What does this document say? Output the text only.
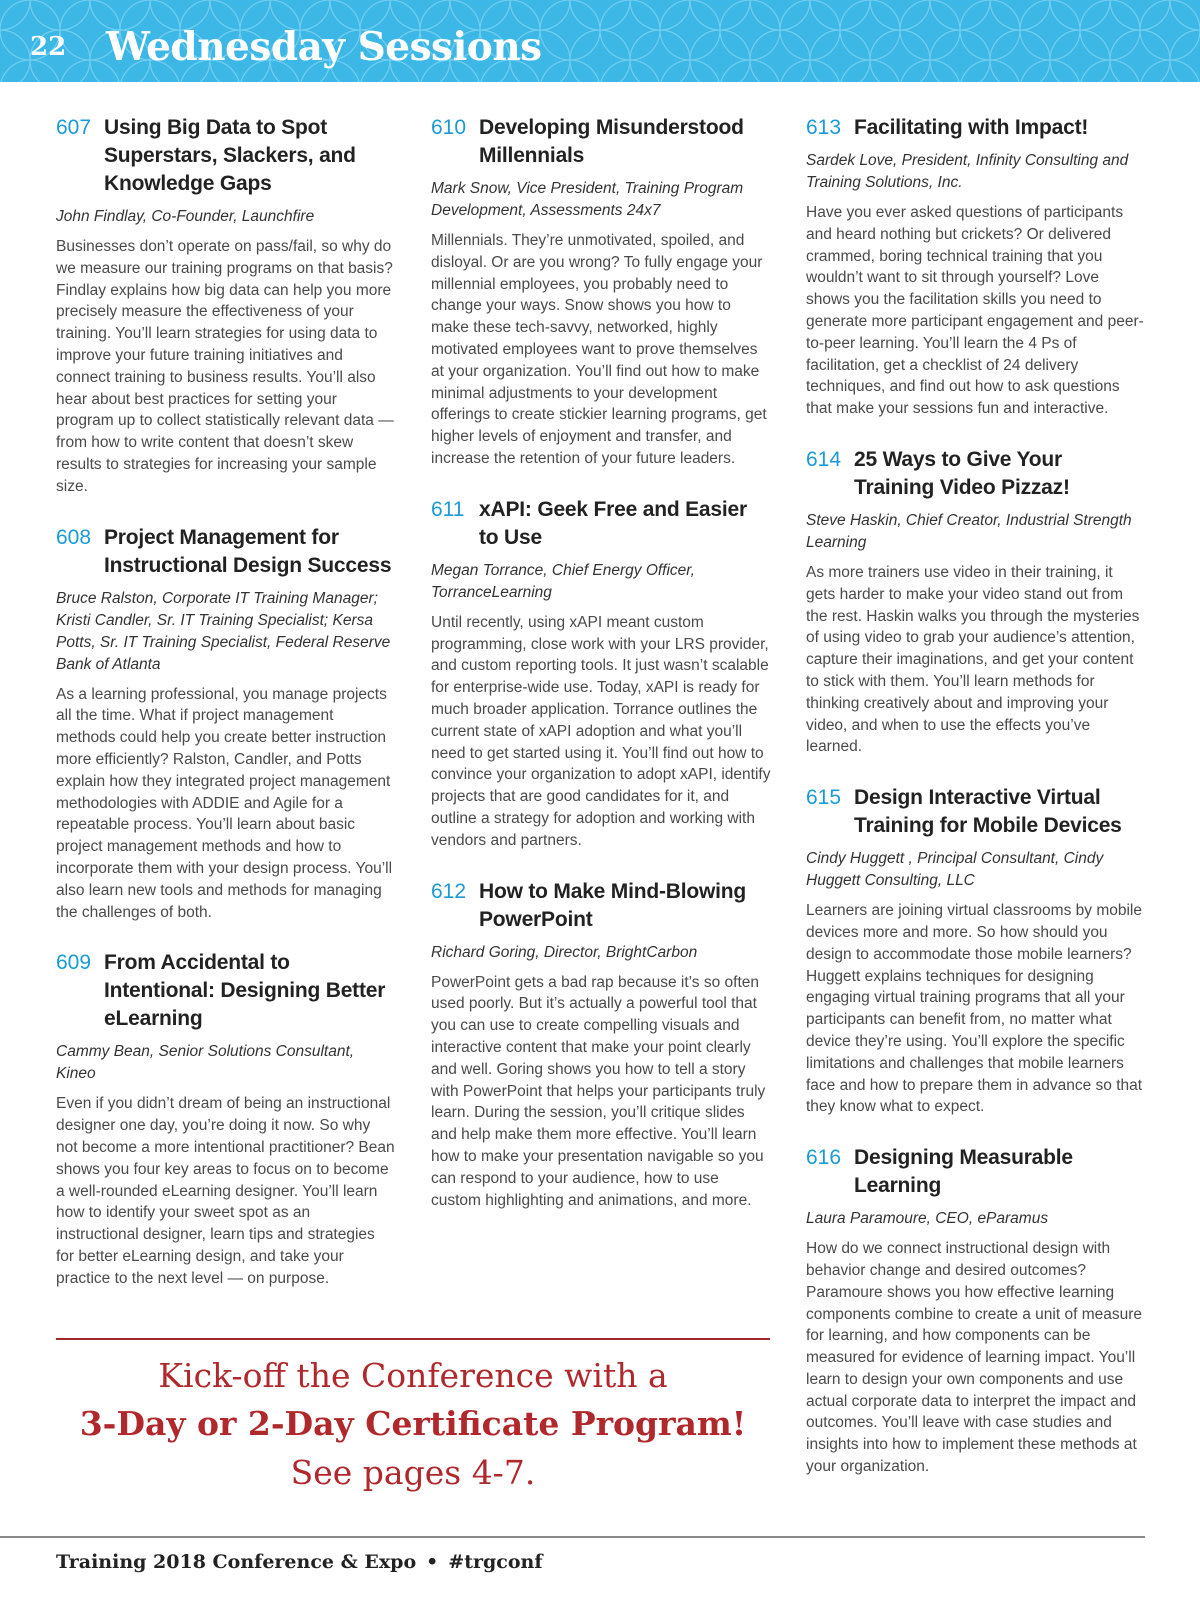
22 Wednesday Sessions
607 Using Big Data to Spot Superstars, Slackers, and Knowledge Gaps
John Findlay, Co-Founder, Launchfire
Businesses don’t operate on pass/fail, so why do we measure our training programs on that basis? Findlay explains how big data can help you more precisely measure the effectiveness of your training. You’ll learn strategies for using data to improve your future training initiatives and connect training to business results. You’ll also hear about best practices for setting your program up to collect statistically relevant data — from how to write content that doesn’t skew results to strategies for increasing your sample size.
608 Project Management for Instructional Design Success
Bruce Ralston, Corporate IT Training Manager; Kristi Candler, Sr. IT Training Specialist; Kersa Potts, Sr. IT Training Specialist, Federal Reserve Bank of Atlanta
As a learning professional, you manage projects all the time. What if project management methods could help you create better instruction more efficiently? Ralston, Candler, and Potts explain how they integrated project management methodologies with ADDIE and Agile for a repeatable process. You’ll learn about basic project management methods and how to incorporate them with your design process. You’ll also learn new tools and methods for managing the challenges of both.
609 From Accidental to Intentional: Designing Better eLearning
Cammy Bean, Senior Solutions Consultant, Kineo
Even if you didn’t dream of being an instructional designer one day, you’re doing it now. So why not become a more intentional practitioner? Bean shows you four key areas to focus on to become a well-rounded eLearning designer. You’ll learn how to identify your sweet spot as an instructional designer, learn tips and strategies for better eLearning design, and take your practice to the next level — on purpose.
610 Developing Misunderstood Millennials
Mark Snow, Vice President, Training Program Development, Assessments 24x7
Millennials. They’re unmotivated, spoiled, and disloyal. Or are you wrong? To fully engage your millennial employees, you probably need to change your ways. Snow shows you how to make these tech-savvy, networked, highly motivated employees want to prove themselves at your organization. You’ll find out how to make minimal adjustments to your development offerings to create stickier learning programs, get higher levels of enjoyment and transfer, and increase the retention of your future leaders.
611 xAPI: Geek Free and Easier to Use
Megan Torrance, Chief Energy Officer, TorranceLearning
Until recently, using xAPI meant custom programming, close work with your LRS provider, and custom reporting tools. It just wasn’t scalable for enterprise-wide use. Today, xAPI is ready for much broader application. Torrance outlines the current state of xAPI adoption and what you’ll need to get started using it. You’ll find out how to convince your organization to adopt xAPI, identify projects that are good candidates for it, and outline a strategy for adoption and working with vendors and partners.
612 How to Make Mind-Blowing PowerPoint
Richard Goring, Director, BrightCarbon
PowerPoint gets a bad rap because it’s so often used poorly. But it’s actually a powerful tool that you can use to create compelling visuals and interactive content that make your point clearly and well. Goring shows you how to tell a story with PowerPoint that helps your participants truly learn. During the session, you’ll critique slides and help make them more effective. You’ll learn how to make your presentation navigable so you can respond to your audience, how to use custom highlighting and animations, and more.
613 Facilitating with Impact!
Sardek Love, President, Infinity Consulting and Training Solutions, Inc.
Have you ever asked questions of participants and heard nothing but crickets? Or delivered crammed, boring technical training that you wouldn’t want to sit through yourself? Love shows you the facilitation skills you need to generate more participant engagement and peer-to-peer learning. You’ll learn the 4 Ps of facilitation, get a checklist of 24 delivery techniques, and find out how to ask questions that make your sessions fun and interactive.
614 25 Ways to Give Your Training Video Pizzaz!
Steve Haskin, Chief Creator, Industrial Strength Learning
As more trainers use video in their training, it gets harder to make your video stand out from the rest. Haskin walks you through the mysteries of using video to grab your audience’s attention, capture their imaginations, and get your content to stick with them. You’ll learn methods for thinking creatively about and improving your video, and when to use the effects you’ve learned.
615 Design Interactive Virtual Training for Mobile Devices
Cindy Huggett , Principal Consultant, Cindy Huggett Consulting, LLC
Learners are joining virtual classrooms by mobile devices more and more. So how should you design to accommodate those mobile learners? Huggett explains techniques for designing engaging virtual training programs that all your participants can benefit from, no matter what device they’re using. You’ll explore the specific limitations and challenges that mobile learners face and how to prepare them in advance so that they know what to expect.
616 Designing Measurable Learning
Laura Paramoure, CEO, eParamus
How do we connect instructional design with behavior change and desired outcomes? Paramoure shows you how effective learning components combine to create a unit of measure for learning, and how components can be measured for evidence of learning impact. You’ll learn to design your own components and use actual corporate data to interpret the impact and outcomes. You’ll leave with case studies and insights into how to implement these methods at your organization.
Kick-off the Conference with a
3-Day or 2-Day Certificate Program!
See pages 4-7.
Training 2018 Conference & Expo • #trgconf
